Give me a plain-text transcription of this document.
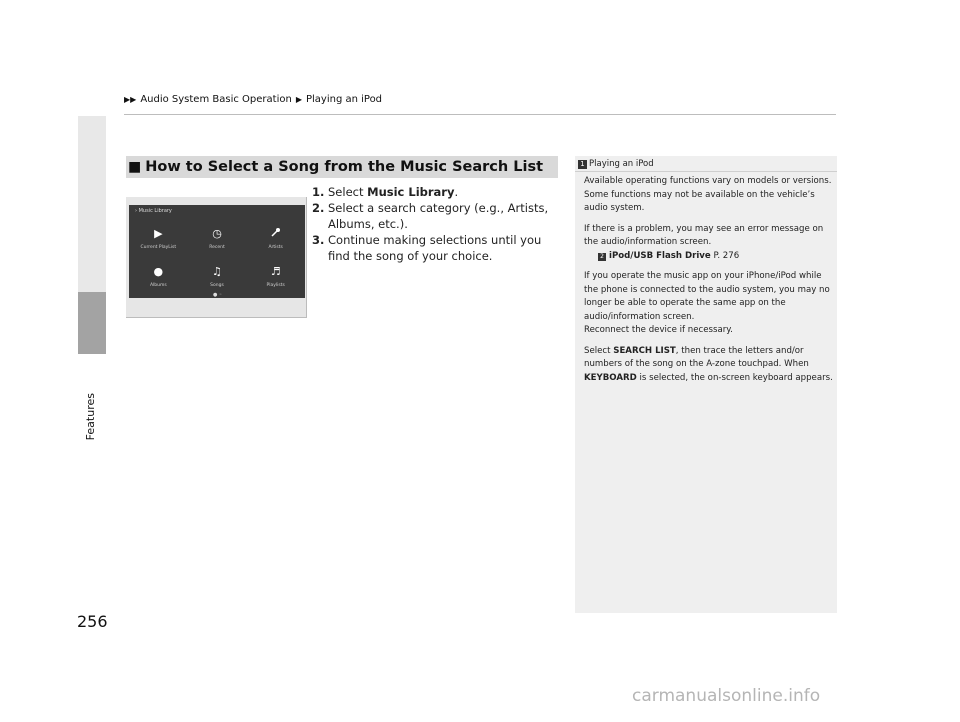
▶▶ Audio System Basic Operation ▶ Playing an iPod
Features
256
■ How to Select a Song from the Music Search List
› Music Library
▶
Current PlayList
◷
Recent	Artists
●
Albums
♫
Songs
♬
Playlists
● ◦
1. Select Music Library.
2. Select a search category (e.g., Artists, Albums, etc.).
3. Continue making selections until you find the song of your choice.
1 Playing an iPod

Available operating functions vary on models or versions. Some functions may not be available on the vehicle’s audio system.

If there is a problem, you may see an error message on the audio/information screen.

2 iPod/USB Flash Drive P. 276

If you operate the music app on your iPhone/iPod while the phone is connected to the audio system, you may no longer be able to operate the same app on the audio/information screen.

Reconnect the device if necessary.

Select SEARCH LIST, then trace the letters and/or numbers of the song on the A-zone touchpad. When KEYBOARD is selected, the on-screen keyboard appears.

carmanualsonline.info
